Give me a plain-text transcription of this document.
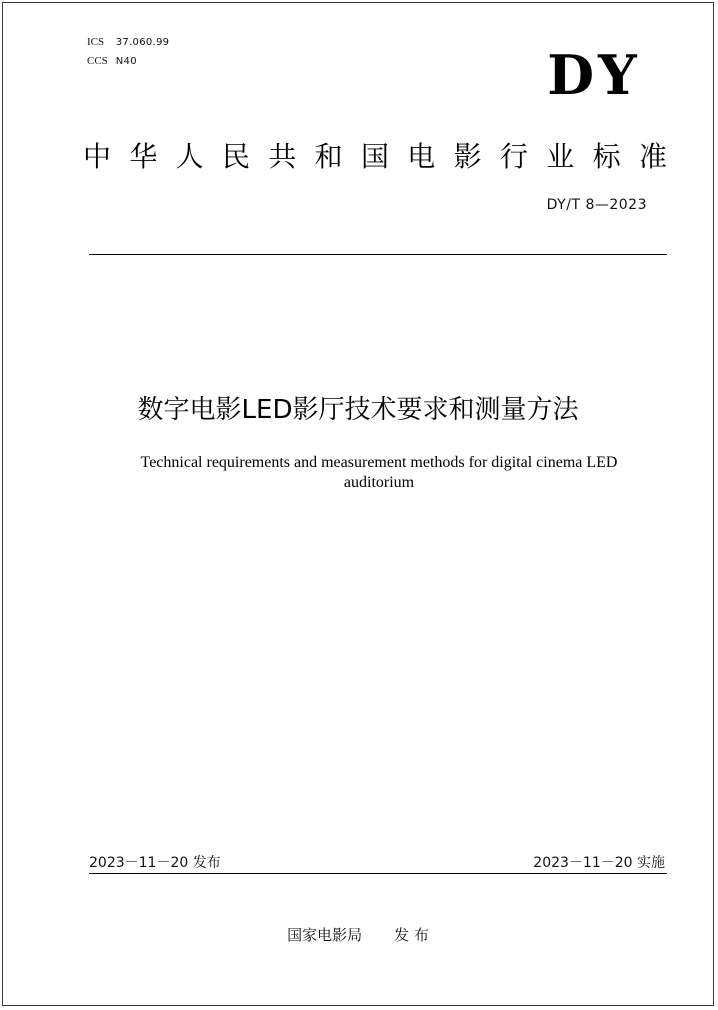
ICS 37.060.99
CCS N40	DY
中 华 人 民 共 和 国 电 影 行 业 标 准
DY/T 8—2023
数字电影LED影厅技术要求和测量方法
Technical requirements and measurement methods for digital cinema LED
auditorium
2023－11－20 发布	2023－11－20 实施
国家电影局 发 布
